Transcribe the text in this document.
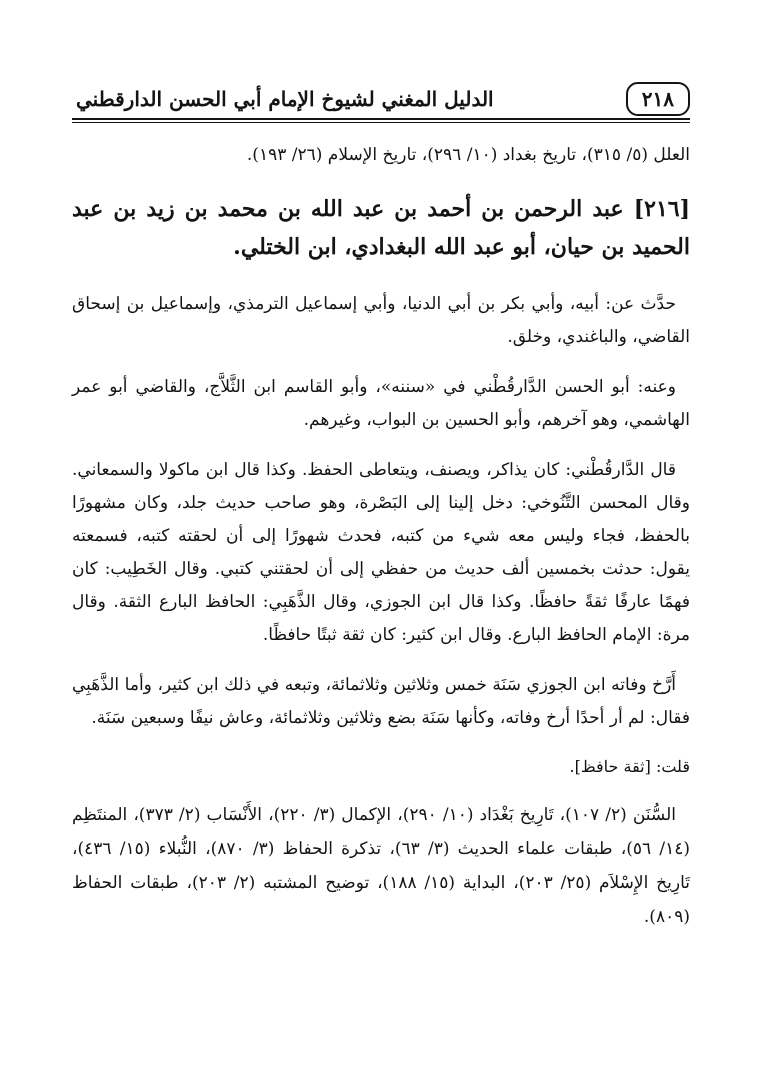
٢١٨
الدليل المغني لشيوخ الإمام أبي الحسن الدارقطني

العلل (٥/ ٣١٥)، تاريخ بغداد (١٠/ ٢٩٦)، تاريخ الإسلام (٢٦/ ١٩٣).

[٢١٦] عبد الرحمن بن أحمد بن عبد الله بن محمد بن زيد بن عبد الحميد بن حيان، أبو عبد الله البغدادي، ابن الختلي.

حدَّث عن: أبيه، وأبي بكر بن أبي الدنيا، وأبي إسماعيل الترمذي، وإسماعيل بن إسحاق القاضي، والباغندي، وخلق.

وعنه: أبو الحسن الدَّارقُطْني في «سننه»، وأبو القاسم ابن الثَّلاَّج، والقاضي أبو عمر الهاشمي، وهو آخرهم، وأبو الحسين بن البواب، وغيرهم.

قال الدَّارقُطْني: كان يذاكر، ويصنف، ويتعاطى الحفظ. وكذا قال ابن ماكولا والسمعاني. وقال المحسن التَّنُوخي: دخل إلينا إلى البَصْرة، وهو صاحب حديث جلد، وكان مشهورًا بالحفظ، فجاء وليس معه شيء من كتبه، فحدث شهورًا إلى أن لحقته كتبه، فسمعته يقول: حدثت بخمسين ألف حديث من حفظي إلى أن لحقتني كتبي. وقال الخَطِيب: كان فهمًا عارفًا ثقةً حافظًا. وكذا قال ابن الجوزي، وقال الذَّهَبِي: الحافظ البارع الثقة. وقال مرة: الإمام الحافظ البارع. وقال ابن كثير: كان ثقة ثبتًا حافظًا.

أَرَّخ وفاته ابن الجوزي سَنَة خمس وثلاثين وثلاثمائة، وتبعه في ذلك ابن كثير، وأما الذَّهَبِي فقال: لم أر أحدًا أرخ وفاته، وكأنها سَنَة بضع وثلاثين وثلاثمائة، وعاش نيفًا وسبعين سَنَة.

قلت: [ثقة حافظ].

السُّنَن (٢/ ١٠٧)، تَارِيخ بَغْدَاد (١٠/ ٢٩٠)، الإكمال (٣/ ٢٢٠)، الأَنْسَاب (٢/ ٣٧٣)، المنتَظِم (١٤/ ٥٦)، طبقات علماء الحديث (٣/ ٦٣)، تذكرة الحفاظ (٣/ ٨٧٠)، النُّبلاء (١٥/ ٤٣٦)، تَارِيخ الإِسْلاَم (٢٥/ ٢٠٣)، البداية (١٥/ ١٨٨)، توضيح المشتبه (٢/ ٢٠٣)، طبقات الحفاظ (٨٠٩).
